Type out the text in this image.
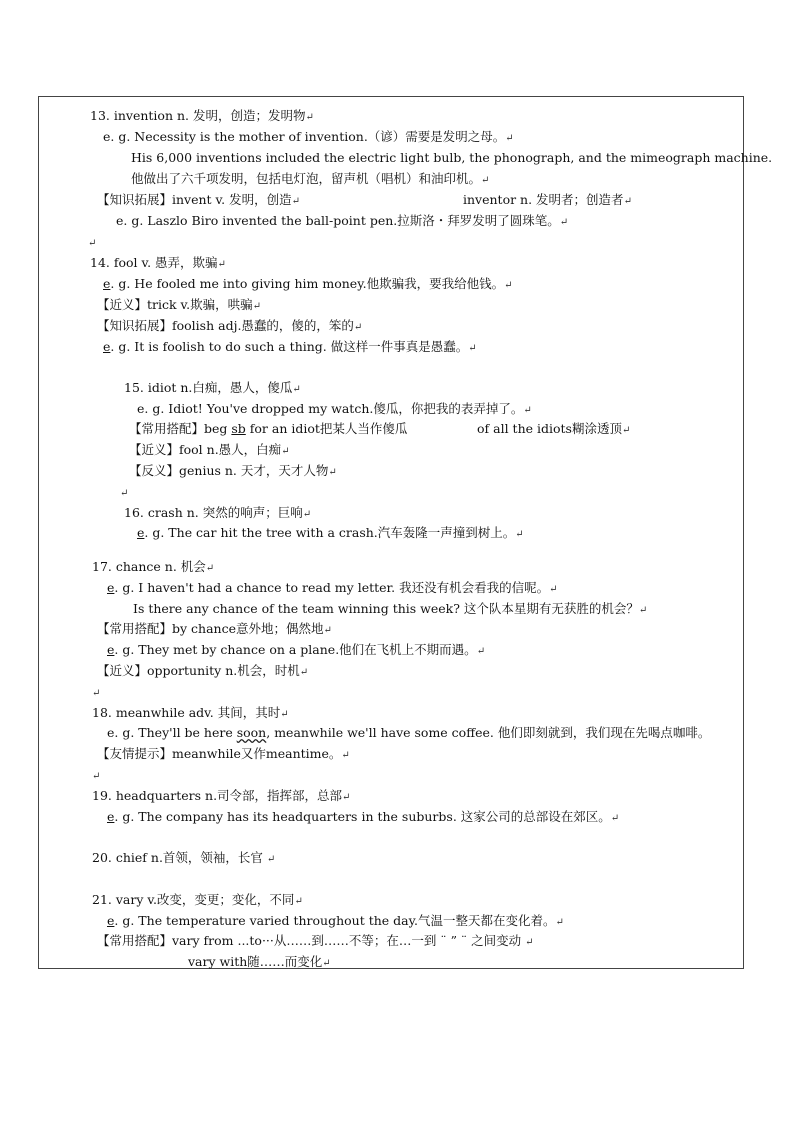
13. invention n. 发明，创造；发明物↵
e. g. Necessity is the mother of invention.（谚）需要是发明之母。↵
His 6,000 inventions included the electric light bulb, the phonograph, and the mimeograph machine.
他做出了六千项发明，包括电灯泡，留声机（唱机）和油印机。↵
【知识拓展】invent v. 发明，创造↵	inventor n. 发明者；创造者↵
e. g. Laszlo Biro invented the ball-point pen.拉斯洛・拜罗发明了圆珠笔。↵
↵
14. fool v. 愚弄，欺骗↵
e. g. He fooled me into giving him money.他欺骗我，要我给他钱。↵
【近义】trick v.欺骗，哄骗↵
【知识拓展】foolish adj.愚蠢的，傻的，笨的↵
e. g. It is foolish to do such a thing. 做这样一件事真是愚蠢。↵
15. idiot n.白痴，愚人，傻瓜↵
e. g. Idiot! You've dropped my watch.傻瓜，你把我的表弄掉了。↵
【常用搭配】beg sb for an idiot把某人当作傻瓜	of all the idiots糊涂透顶↵
【近义】fool n.愚人，白痴↵
【反义】genius n. 天才，天才人物↵
↵
16. crash n. 突然的响声；巨响↵
e. g. The car hit the tree with a crash.汽车轰隆一声撞到树上。↵
17. chance n. 机会↵
e. g. I haven't had a chance to read my letter. 我还没有机会看我的信呢。↵
Is there any chance of the team winning this week? 这个队本星期有无获胜的机会？↵
【常用搭配】by chance意外地；偶然地↵
e. g. They met by chance on a plane.他们在飞机上不期而遇。↵
【近义】opportunity n.机会，时机↵
↵
18. meanwhile adv. 其间，其时↵
e. g. They'll be here soon, meanwhile we'll have some coffee. 他们即刻就到，我们现在先喝点咖啡。
【友情提示】meanwhile又作meantime。↵
↵
19. headquarters n.司令部，指挥部，总部↵
e. g. The company has its headquarters in the suburbs. 这家公司的总部设在郊区。↵
20. chief n.首领，领袖，长官 ↵
21. vary v.改变，变更；变化，不同↵
e. g. The temperature varied throughout the day.气温一整天都在变化着。↵
【常用搭配】vary from ...to···从……到……不等；在…一到 ¨ ” ¨ 之间变动 ↵
vary with随……而变化↵
